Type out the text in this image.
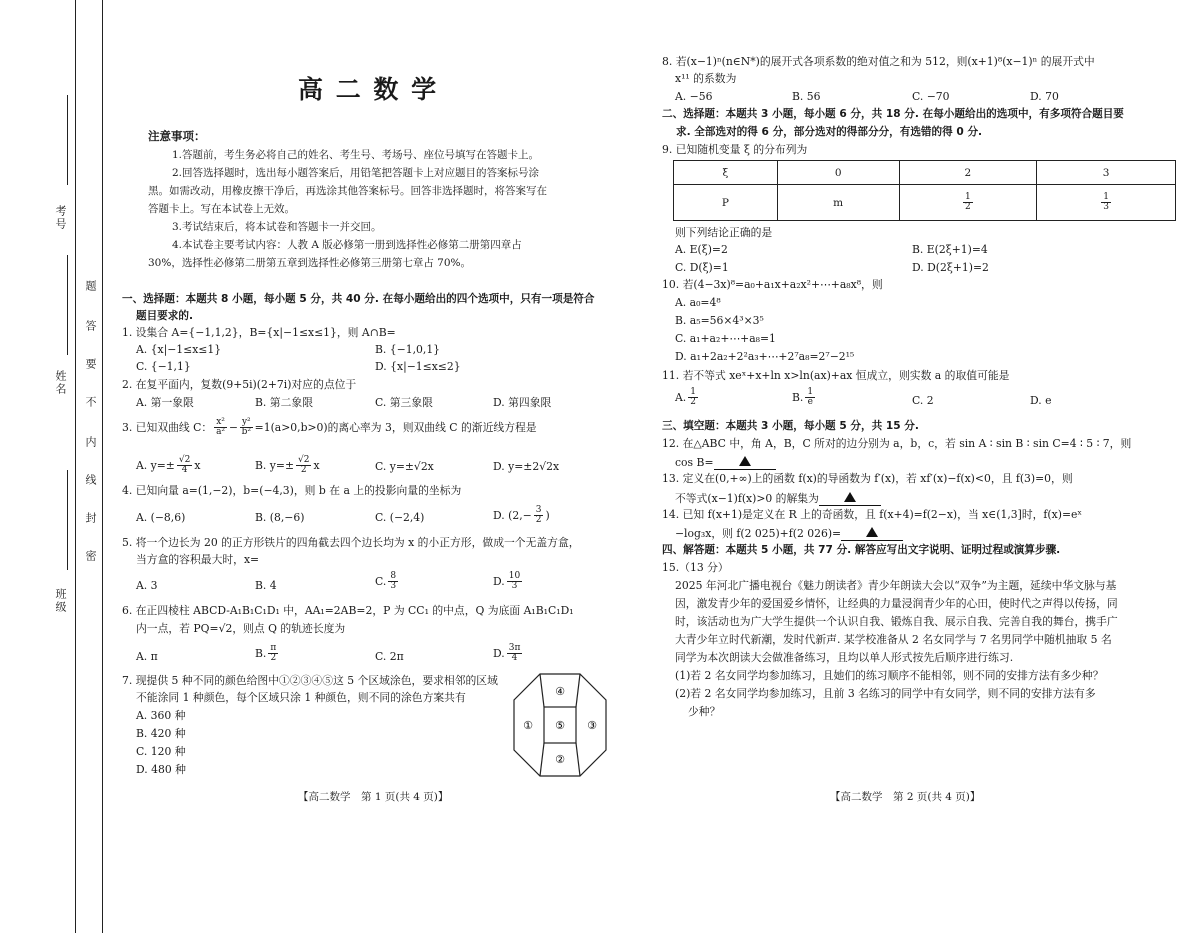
考号
姓名
班级
题
答
要
不
内
线
封
密
高 二 数 学
注意事项：
1.答题前，考生务必将自己的姓名、考生号、考场号、座位号填写在答题卡上。
2.回答选择题时，选出每小题答案后，用铅笔把答题卡上对应题目的答案标号涂
黑。如需改动，用橡皮擦干净后，再选涂其他答案标号。回答非选择题时，将答案写在
答题卡上。写在本试卷上无效。
3.考试结束后，将本试卷和答题卡一并交回。
4.本试卷主要考试内容：人教 A 版必修第一册到选择性必修第二册第四章占
30%，选择性必修第二册第五章到选择性必修第三册第七章占 70%。
一、选择题：本题共 8 小题，每小题 5 分，共 40 分. 在每小题给出的四个选项中，只有一项是符合
题目要求的.
1. 设集合 A={−1,1,2}，B={x|−1≤x≤1}，则 A∩B=
A. {x|−1≤x≤1}	B. {−1,0,1}
C. {−1,1}	D. {x|−1≤x≤2}
2. 在复平面内，复数(9+5i)(2+7i)对应的点位于
A. 第一象限	B. 第二象限	C. 第三象限	D. 第四象限
3. 已知双曲线 C： $\frac{\text{x²}}{\text{a²}} - \frac{\text{y²}}{\text{b²}} =1(a>0,b>0)$的离心率为 3，则双曲线 C 的渐近线方程是
A. $y=\pm \frac{√2}{4}$ x	B. $y=\pm \frac{√2}{2}$ x	C. y=±√2x	D. y=±2√2x
4. 已知向量 a=(1,−2)，b=(−4,3)，则 b 在 a 上的投影向量的坐标为
A. (−8,6)	B. (8,−6)	C. (−2,4)	D. ($2,- \frac{3}{2}$ )
5. 将一个边长为 20 的正方形铁片的四角截去四个边长均为 x 的小正方形，做成一个无盖方盒，
当方盒的容积最大时，x=
A. 3	B. 4	C. $\frac{8}{3}$	D. $\frac{10}{3}$
6. 在正四棱柱 ABCD-A₁B₁C₁D₁ 中，AA₁=2AB=2，P 为 CC₁ 的中点，Q 为底面 A₁B₁C₁D₁
内一点，若 PQ=√2，则点 Q 的轨迹长度为
A. π	B. $\frac{\pi}{2}$	C. 2π	D. $\frac{3\pi}{4}$
7. 现提供 5 种不同的颜色给图中①②③④⑤这 5 个区域涂色，要求相邻的区域
不能涂同 1 种颜色，每个区域只涂 1 种颜色，则不同的涂色方案共有
A. 360 种
B. 420 种
C. 120 种
D. 480 种
①
②
③
④
⑤
【高二数学　第 1 页(共 4 页)】
8. 若(x−1)ⁿ(n∈N*)的展开式各项系数的绝对值之和为 512，则(x+1)⁸(x−1)ⁿ 的展开式中
x¹¹ 的系数为
二、选择题：本题共 3 小题，每小题 6 分，共 18 分. 在每小题给出的选项中，有多项符合题目要
求. 全部选对的得 6 分，部分选对的得部分分，有选错的得 0 分.
9. 已知随机变量 ξ 的分布列为
ξ	0	2	3
P	m	$\frac{1}{2}$	$\frac{1}{3}$
则下列结论正确的是
A. E(ξ)=2	B. E(2ξ+1)=4
C. D(ξ)=1	D. D(2ξ+1)=2
10. 若(4−3x)⁸=a₀+a₁x+a₂x²+⋯+a₈x⁸，则
A. a₀=4⁸
B. a₅=56×4³×3⁵
C. a₁+a₂+⋯+a₈=1
D. a₁+2a₂+2²a₃+⋯+2⁷a₈=2⁷−2¹⁵
11. 若不等式 xeˣ+x+ln x>ln(ax)+ax 恒成立，则实数 a 的取值可能是
A. $\frac{1}{2}$	B. $\frac{1}{e}$	C. 2	D. e
三、填空题：本题共 3 小题，每小题 5 分，共 15 分.
12. 在△ABC 中，角 A，B，C 所对的边分别为 a，b，c，若 sin A ∶ sin B ∶ sin C=4 ∶ 5 ∶ 7，则
cos B=
13. 定义在(0,+∞)上的函数 f(x)的导函数为 f′(x)，若 xf′(x)−f(x)<0，且 f(3)=0，则
不等式(x−1)f(x)>0 的解集为
14. 已知 f(x+1)是定义在 R 上的奇函数，且 f(x+4)=f(2−x)，当 x∈(1,3]时，f(x)=eˣ
−log₃x，则 f(2 025)+f(2 026)=
四、解答题：本题共 5 小题，共 77 分. 解答应写出文字说明、证明过程或演算步骤.
15.（13 分）
2025 年河北广播电视台《魅力朗读者》青少年朗读大会以“双争”为主题，延续中华文脉与基
因，激发青少年的爱国爱乡情怀，让经典的力量浸润青少年的心田，使时代之声得以传扬，同
时，该活动也为广大学生提供一个认识自我、锻炼自我、展示自我、完善自我的舞台，携手广
大青少年立时代新潮，发时代新声. 某学校准备从 2 名女同学与 7 名男同学中随机抽取 5 名
同学为本次朗读大会做准备练习，且均以单人形式按先后顺序进行练习.
(1)若 2 名女同学均参加练习，且她们的练习顺序不能相邻，则不同的安排方法有多少种？
(2)若 2 名女同学均参加练习，且前 3 名练习的同学中有女同学，则不同的安排方法有多
少种？
【高二数学　第 2 页(共 4 页)】
A. −56	B. 56	C. −70	D. 70
